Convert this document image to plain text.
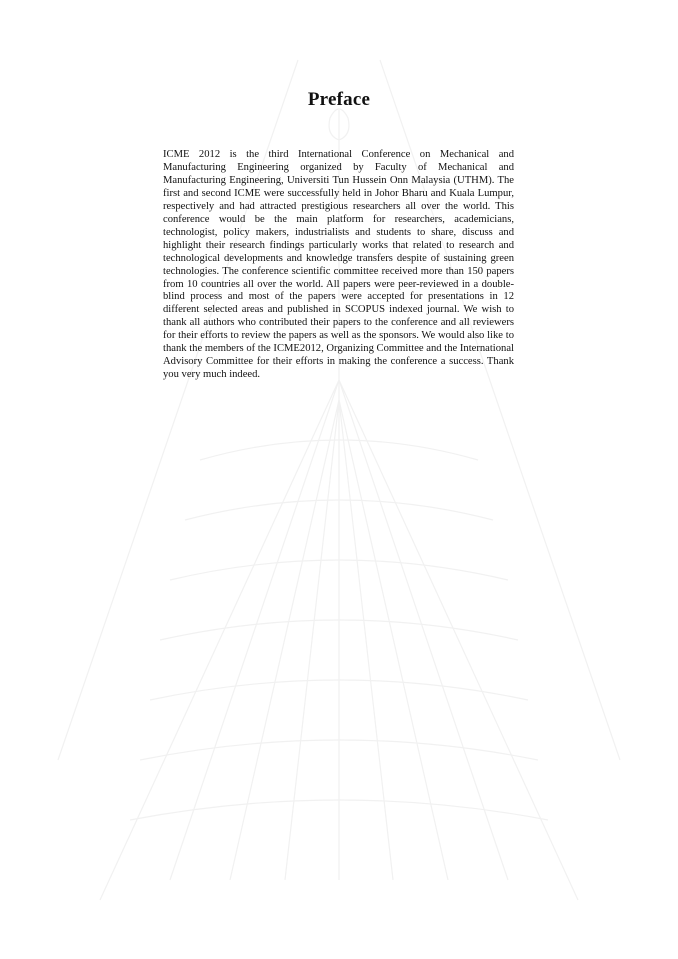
Preface

ICME 2012 is the third International Conference on Mechanical and Manufacturing Engineering organized by Faculty of Mechanical and Manufacturing Engineering, Universiti Tun Hussein Onn Malaysia (UTHM). The first and second ICME were successfully held in Johor Bharu and Kuala Lumpur, respectively and had attracted prestigious researchers all over the world. This conference would be the main platform for researchers, academicians, technologist, policy makers, industrialists and students to share, discuss and highlight their research findings particularly works that related to research and technological developments and knowledge transfers despite of sustaining green technologies. The conference scientific committee received more than 150 papers from 10 countries all over the world. All papers were peer-reviewed in a double-blind process and most of the papers were accepted for presentations in 12 different selected areas and published in SCOPUS indexed journal. We wish to thank all authors who contributed their papers to the conference and all reviewers for their efforts to review the papers as well as the sponsors. We would also like to thank the members of the ICME2012, Organizing Committee and the International Advisory Committee for their efforts in making the conference a success. Thank you very much indeed.
